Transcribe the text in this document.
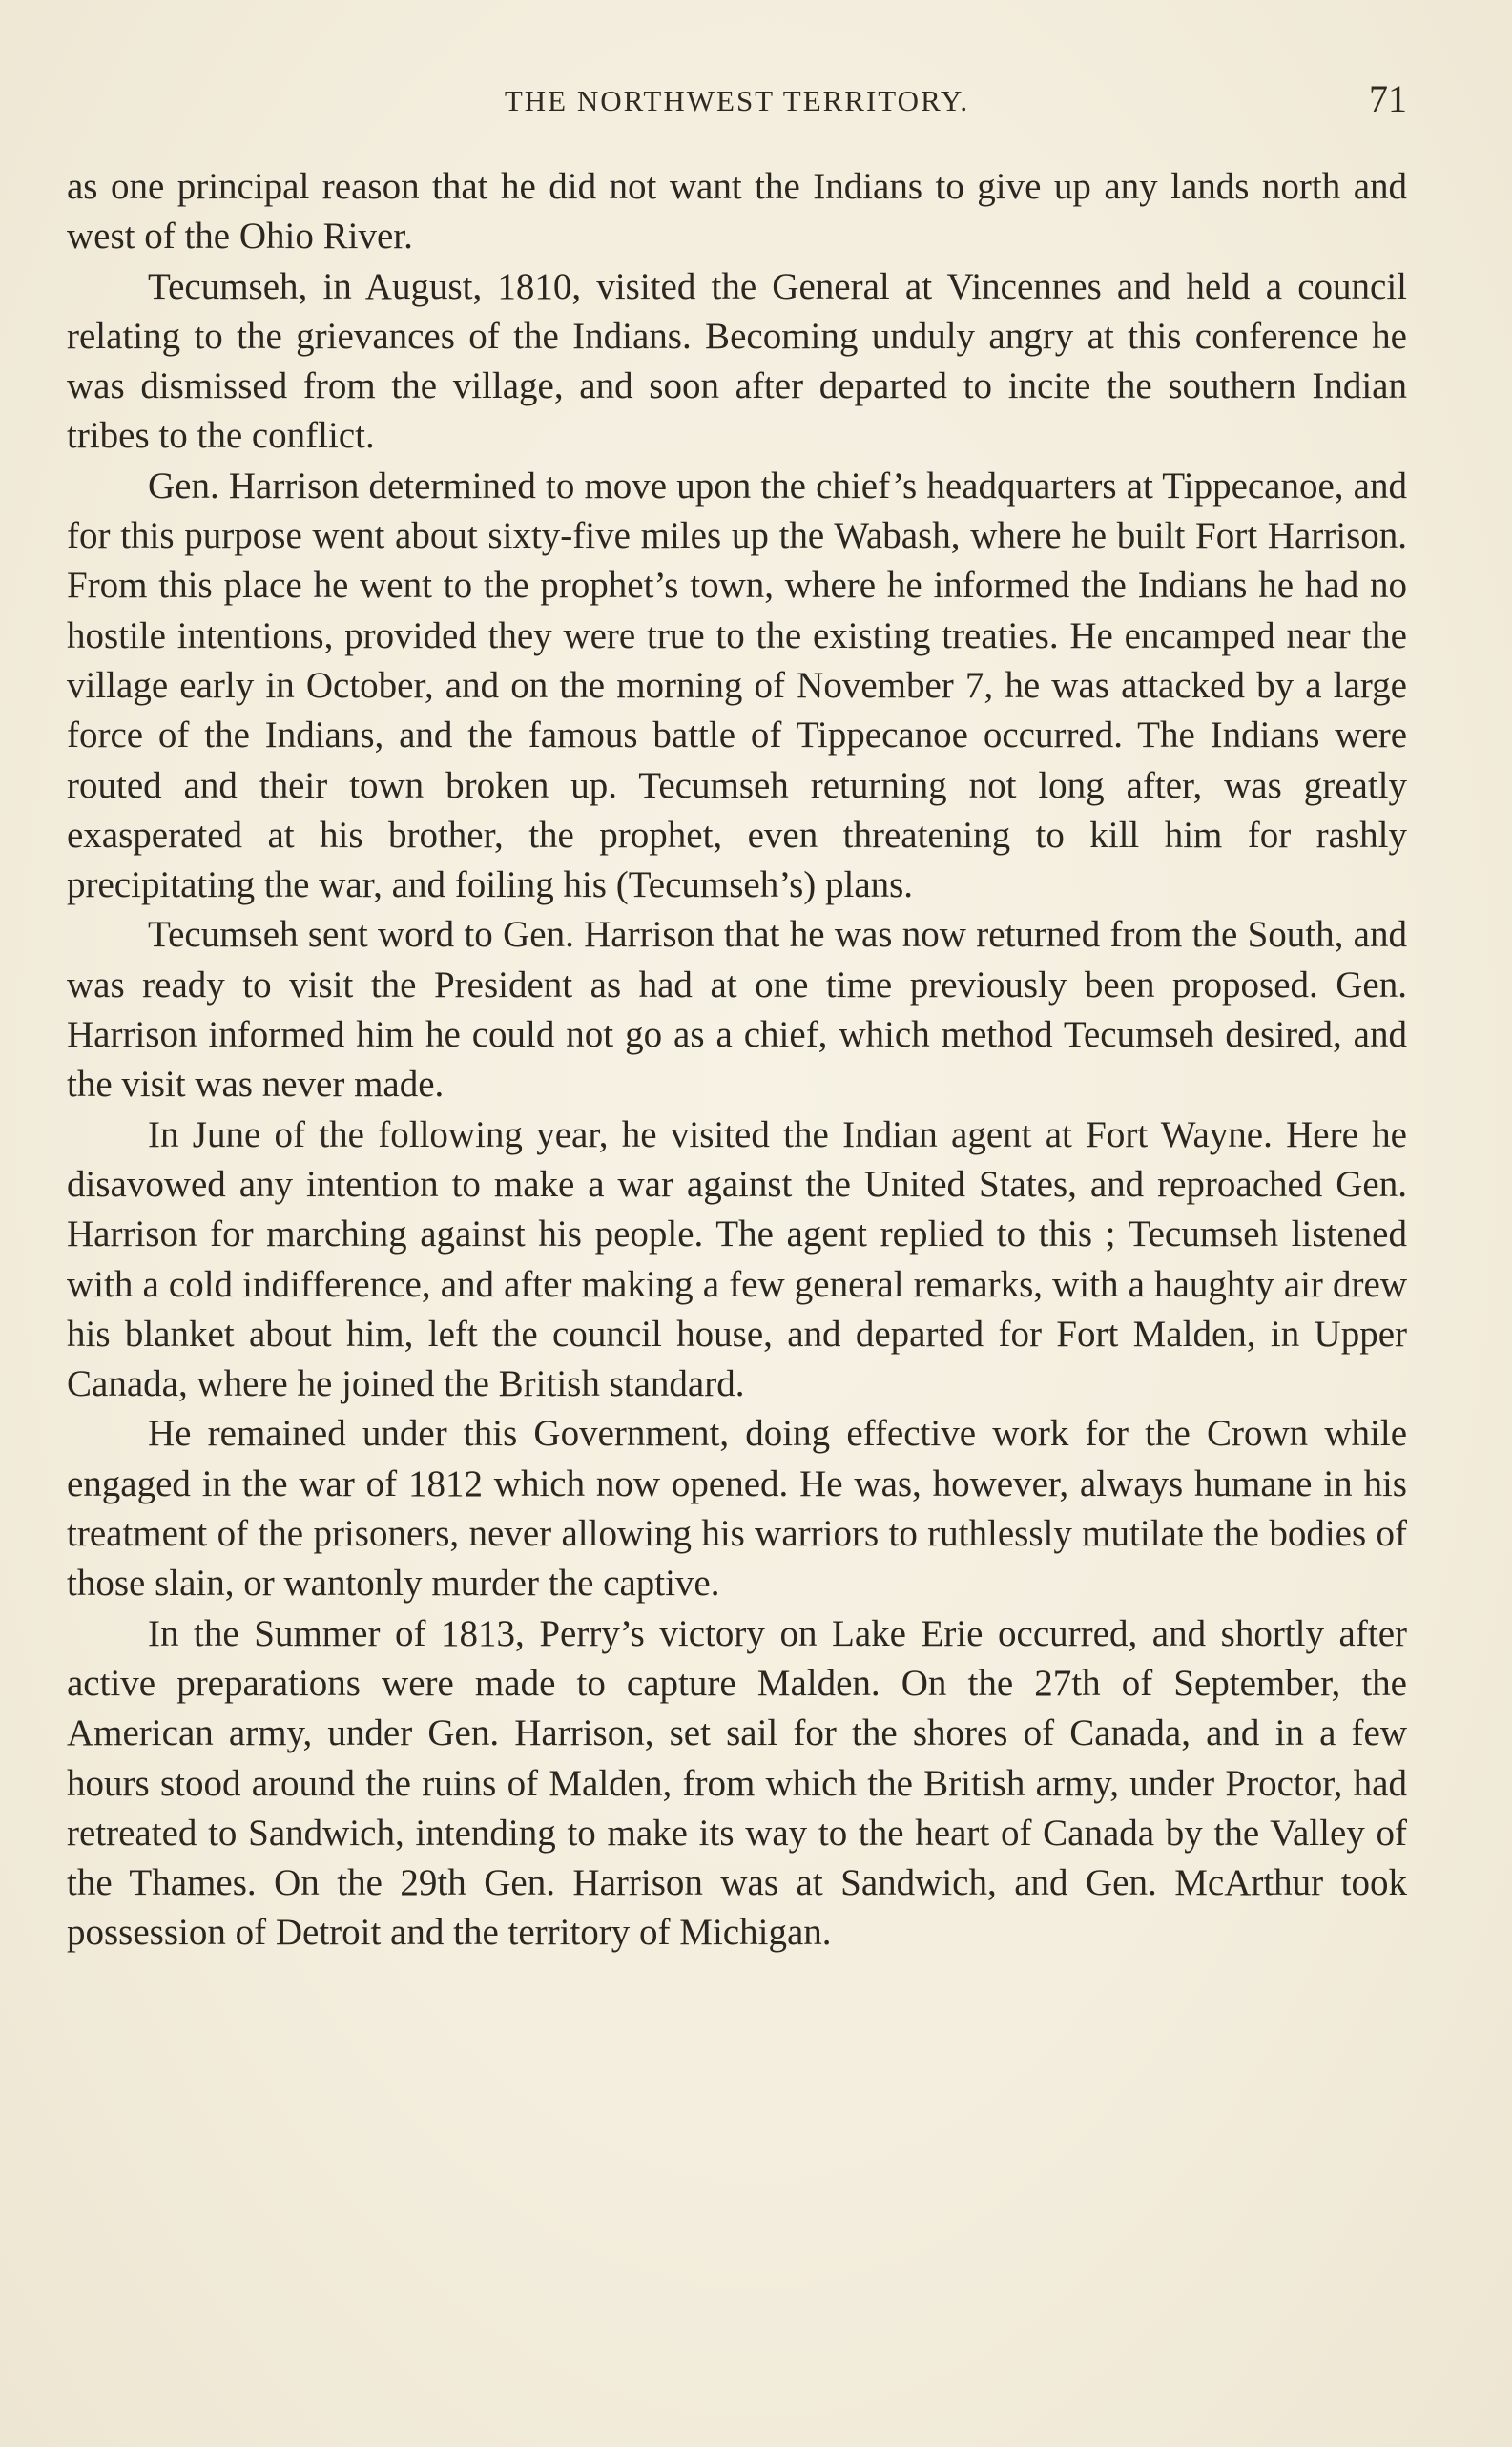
THE NORTHWEST TERRITORY.	71

as one principal reason that he did not want the Indians to give up any lands north and west of the Ohio River.

Tecumseh, in August, 1810, visited the General at Vincennes and held a council relating to the grievances of the Indians. Becoming unduly angry at this conference he was dismissed from the village, and soon after departed to incite the southern Indian tribes to the conflict.

Gen. Harrison determined to move upon the chief’s headquarters at Tippecanoe, and for this purpose went about sixty-five miles up the Wabash, where he built Fort Harrison. From this place he went to the prophet’s town, where he informed the Indians he had no hostile intentions, provided they were true to the existing treaties. He encamped near the village early in October, and on the morning of November 7, he was attacked by a large force of the Indians, and the famous battle of Tippecanoe occurred. The Indians were routed and their town broken up. Tecumseh returning not long after, was greatly exasperated at his brother, the prophet, even threatening to kill him for rashly precipitating the war, and foiling his (Tecumseh’s) plans.

Tecumseh sent word to Gen. Harrison that he was now returned from the South, and was ready to visit the President as had at one time previously been proposed. Gen. Harrison informed him he could not go as a chief, which method Tecumseh desired, and the visit was never made.

In June of the following year, he visited the Indian agent at Fort Wayne. Here he disavowed any intention to make a war against the United States, and reproached Gen. Harrison for marching against his people. The agent replied to this ; Tecumseh listened with a cold indifference, and after making a few general remarks, with a haughty air drew his blanket about him, left the council house, and departed for Fort Malden, in Upper Canada, where he joined the British standard.

He remained under this Government, doing effective work for the Crown while engaged in the war of 1812 which now opened. He was, however, always humane in his treatment of the prisoners, never allowing his warriors to ruthlessly mutilate the bodies of those slain, or wantonly murder the captive.

In the Summer of 1813, Perry’s victory on Lake Erie occurred, and shortly after active preparations were made to capture Malden. On the 27th of September, the American army, under Gen. Harrison, set sail for the shores of Canada, and in a few hours stood around the ruins of Malden, from which the British army, under Proctor, had retreated to Sandwich, intending to make its way to the heart of Canada by the Valley of the Thames. On the 29th Gen. Harrison was at Sandwich, and Gen. McArthur took possession of Detroit and the territory of Michigan.
